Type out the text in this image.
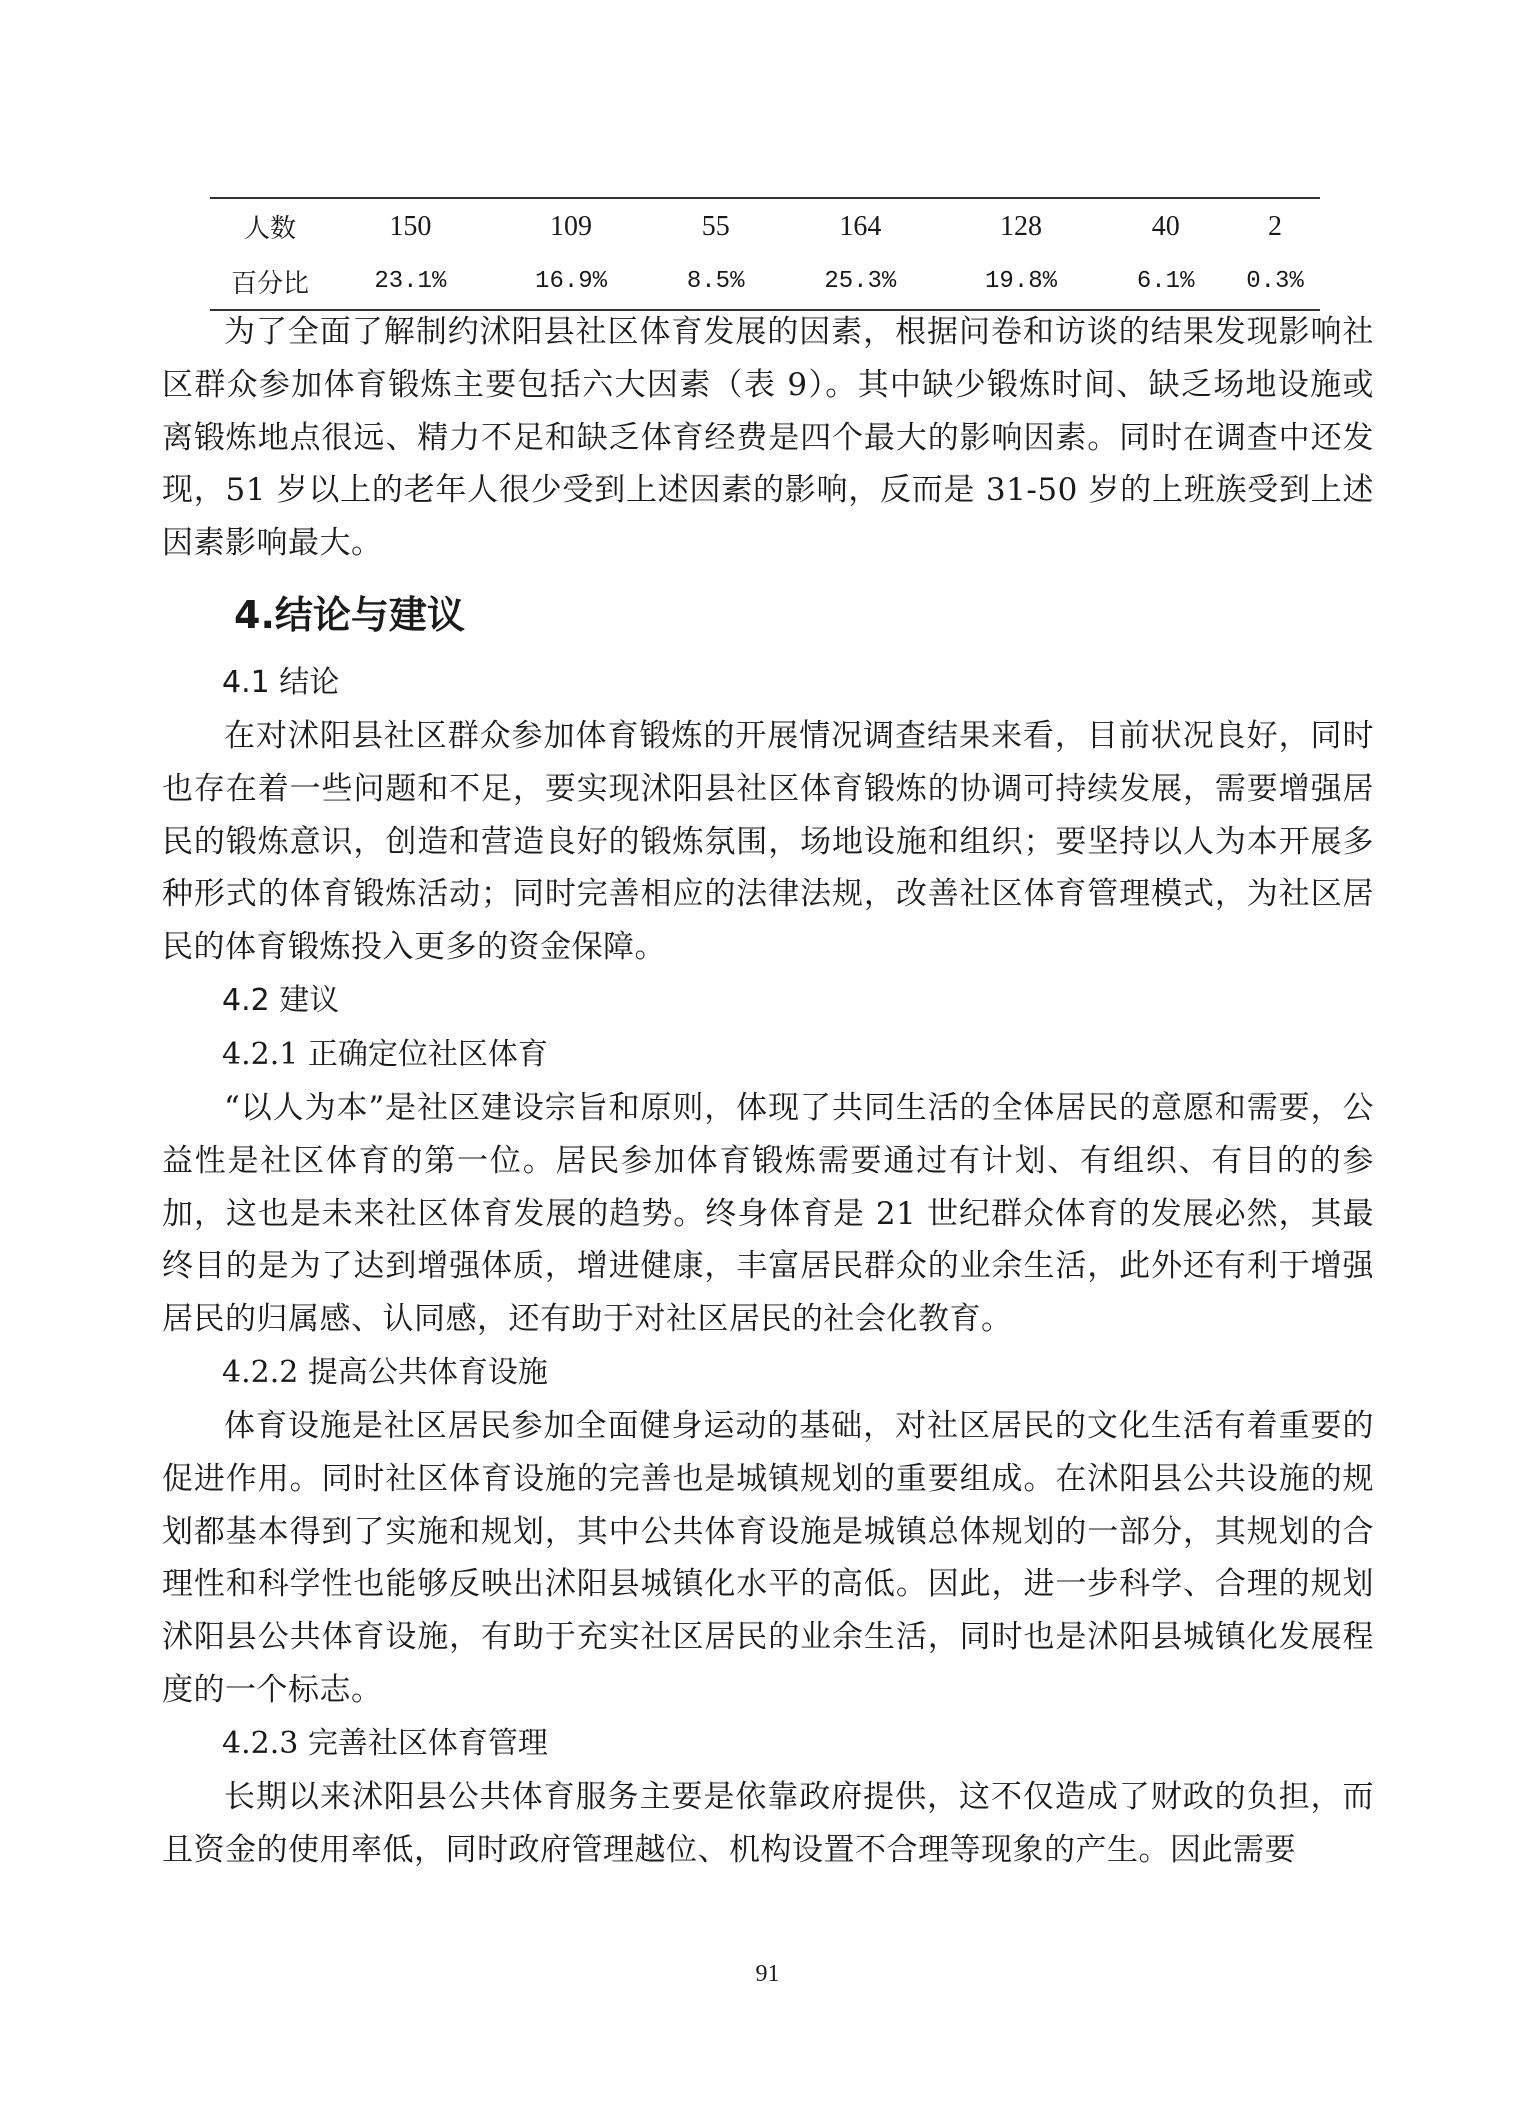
人数	150	109	55	164	128	40	2
百分比	23.1%	16.9%	8.5%	25.3%	19.8%	6.1%	0.3%

为了全面了解制约沭阳县社区体育发展的因素，根据问卷和访谈的结果发现影响社区群众参加体育锻炼主要包括六大因素（表 9）。其中缺少锻炼时间、缺乏场地设施或离锻炼地点很远、精力不足和缺乏体育经费是四个最大的影响因素。同时在调查中还发现，51 岁以上的老年人很少受到上述因素的影响，反而是 31-50 岁的上班族受到上述因素影响最大。

4.结论与建议
4.1 结论

在对沭阳县社区群众参加体育锻炼的开展情况调查结果来看，目前状况良好，同时也存在着一些问题和不足，要实现沭阳县社区体育锻炼的协调可持续发展，需要增强居民的锻炼意识，创造和营造良好的锻炼氛围，场地设施和组织；要坚持以人为本开展多种形式的体育锻炼活动；同时完善相应的法律法规，改善社区体育管理模式，为社区居民的体育锻炼投入更多的资金保障。

4.2 建议
4.2.1 正确定位社区体育

“以人为本”是社区建设宗旨和原则，体现了共同生活的全体居民的意愿和需要，公益性是社区体育的第一位。居民参加体育锻炼需要通过有计划、有组织、有目的的参加，这也是未来社区体育发展的趋势。终身体育是 21 世纪群众体育的发展必然，其最终目的是为了达到增强体质，增进健康，丰富居民群众的业余生活，此外还有利于增强居民的归属感、认同感，还有助于对社区居民的社会化教育。

4.2.2 提高公共体育设施

体育设施是社区居民参加全面健身运动的基础，对社区居民的文化生活有着重要的促进作用。同时社区体育设施的完善也是城镇规划的重要组成。在沭阳县公共设施的规划都基本得到了实施和规划，其中公共体育设施是城镇总体规划的一部分，其规划的合理性和科学性也能够反映出沭阳县城镇化水平的高低。因此，进一步科学、合理的规划沭阳县公共体育设施，有助于充实社区居民的业余生活，同时也是沭阳县城镇化发展程度的一个标志。

4.2.3 完善社区体育管理

长期以来沭阳县公共体育服务主要是依靠政府提供，这不仅造成了财政的负担，而且资金的使用率低，同时政府管理越位、机构设置不合理等现象的产生。因此需要

91
